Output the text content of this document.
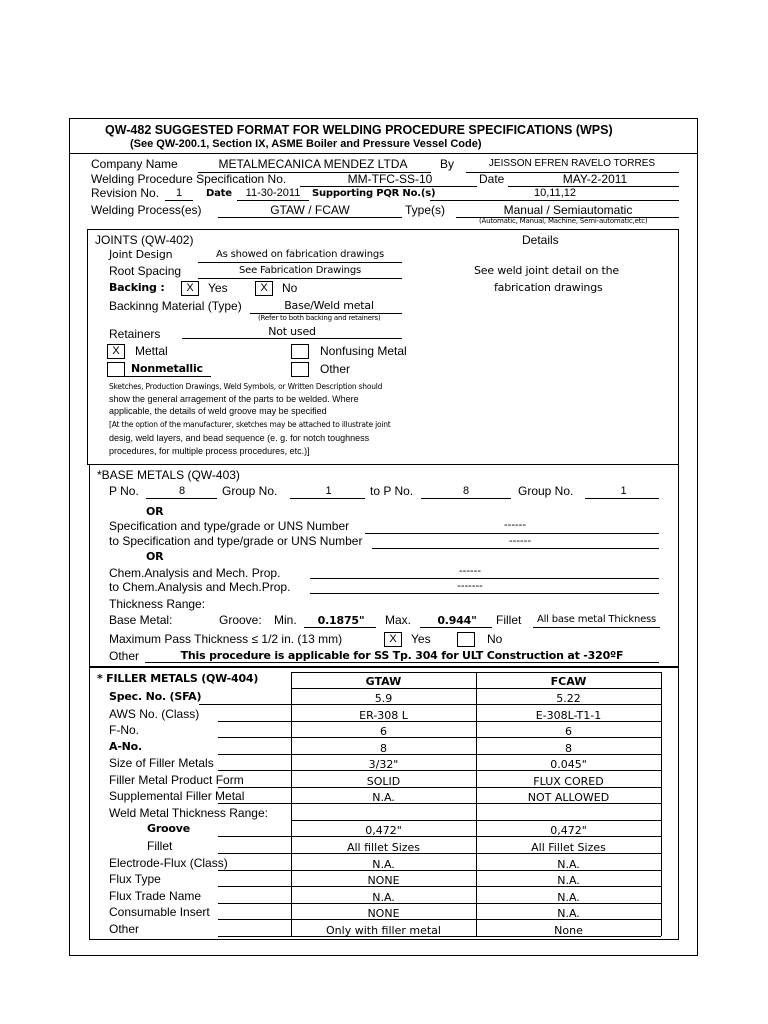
QW-482 SUGGESTED FORMAT FOR WELDING PROCEDURE SPECIFICATIONS (WPS)
(See QW-200.1, Section IX, ASME Boiler and Pressure Vessel Code)
Company Name	METALMECANICA MENDEZ LTDA	By	JEISSON EFREN RAVELO TORRES
Welding Procedure Specification No.	MM-TFC-SS-10	Date	MAY-2-2011
Revision No.	1	Date	11-30-2011	Supporting PQR No.(s)	10,11,12
Welding Process(es)	GTAW / FCAW	Type(s)	Manual / Semiautomatic
(Automatic, Manual, Machine, Semi-automatic,etc)
JOINTS (QW-402)	Details
Joint Design	As showed on fabrication drawings
Root Spacing	See Fabrication Drawings	See weld joint detail on the
fabrication drawings
Backing :	X	Yes	X	No
Backinng Material (Type)	Base/Weld metal
(Refer to both backing and retainers)
Retainers	Not used
X	Mettal	Nonfusing Metal
Nonmetallic	Other
Sketches, Production Drawings, Weld Symbols, or Written Description should
show the general arragement of the parts to be welded. Where
applicable, the details of weld groove may be specified
[At the option of the manufacturer, sketches may be attached to illustrate joint
desig, weld layers, and bead sequence (e. g. for notch toughness
procedures, for multiple process procedures, etc.)]
*BASE METALS (QW-403)
P No.	8	Group No.	1	to P No.	8	Group No.	1
OR
Specification and type/grade or UNS Number	------
to Specification and type/grade or UNS Number	------
OR
Chem.Analysis and Mech. Prop.	------
to Chem.Analysis and Mech.Prop.	-------
Thickness Range:
Base Metal:	Groove: Min.	0.1875"	Max.	0.944"	Fillet	All base metal Thickness
Maximum Pass Thickness ≤ 1/2 in. (13 mm)	X	Yes	No
Other	This procedure is applicable for SS Tp. 304 for ULT Construction at -320ºF
* FILLER METALS (QW-404)	GTAW	FCAW
Spec. No. (SFA)	5.9	5.22
AWS No. (Class)	ER-308 L	E-308L-T1-1
F-No.	6	6
A-No.	8	8
Size of Filler Metals	3/32"	0.045"
Filler Metal Product Form	SOLID	FLUX CORED
Supplemental Filler Metal	N.A.	NOT ALLOWED
Weld Metal Thickness Range:
Groove	0,472"	0,472"
Fillet	All fillet Sizes	All Fillet Sizes
Electrode-Flux (Class)	N.A.	N.A.
Flux Type	NONE	N.A.
Flux Trade Name	N.A.	N.A.
Consumable Insert	NONE	N.A.
Other	Only with filler metal	None
